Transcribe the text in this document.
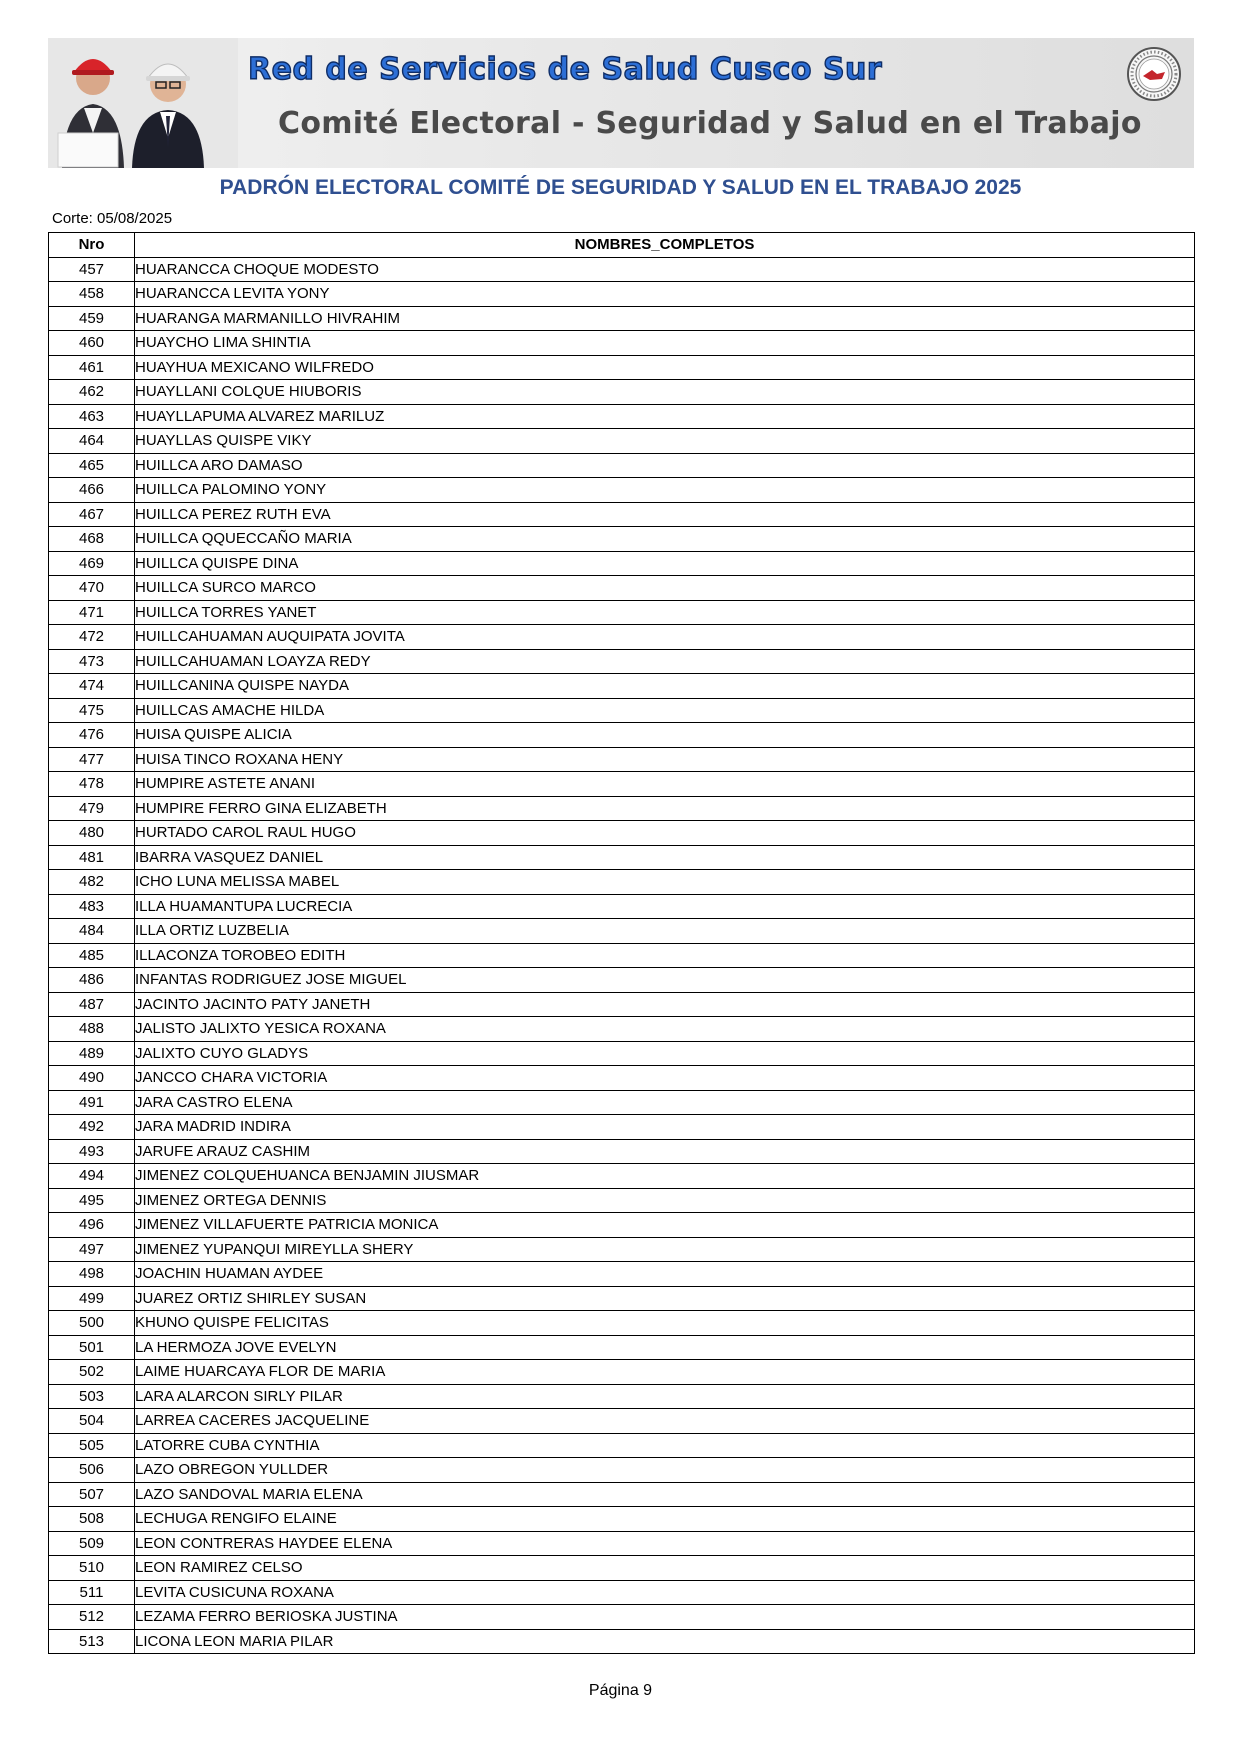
Red de Servicios de Salud Cusco Sur
Comité Electoral - Seguridad y Salud en el Trabajo
PADRÓN ELECTORAL COMITÉ DE SEGURIDAD Y SALUD EN EL TRABAJO 2025
Corte: 05/08/2025
Nro	NOMBRES_COMPLETOS
457	HUARANCCA CHOQUE MODESTO
458	HUARANCCA LEVITA YONY
459	HUARANGA MARMANILLO HIVRAHIM
460	HUAYCHO LIMA SHINTIA
461	HUAYHUA MEXICANO WILFREDO
462	HUAYLLANI COLQUE HIUBORIS
463	HUAYLLAPUMA ALVAREZ MARILUZ
464	HUAYLLAS QUISPE VIKY
465	HUILLCA ARO DAMASO
466	HUILLCA PALOMINO YONY
467	HUILLCA PEREZ RUTH EVA
468	HUILLCA QQUECCAÑO MARIA
469	HUILLCA QUISPE DINA
470	HUILLCA SURCO MARCO
471	HUILLCA TORRES YANET
472	HUILLCAHUAMAN AUQUIPATA JOVITA
473	HUILLCAHUAMAN LOAYZA REDY
474	HUILLCANINA QUISPE NAYDA
475	HUILLCAS AMACHE HILDA
476	HUISA QUISPE ALICIA
477	HUISA TINCO ROXANA HENY
478	HUMPIRE ASTETE ANANI
479	HUMPIRE FERRO GINA ELIZABETH
480	HURTADO CAROL RAUL HUGO
481	IBARRA VASQUEZ DANIEL
482	ICHO LUNA MELISSA MABEL
483	ILLA HUAMANTUPA LUCRECIA
484	ILLA ORTIZ LUZBELIA
485	ILLACONZA TOROBEO EDITH
486	INFANTAS RODRIGUEZ JOSE MIGUEL
487	JACINTO JACINTO PATY JANETH
488	JALISTO JALIXTO YESICA ROXANA
489	JALIXTO CUYO GLADYS
490	JANCCO CHARA VICTORIA
491	JARA CASTRO ELENA
492	JARA MADRID INDIRA
493	JARUFE ARAUZ CASHIM
494	JIMENEZ COLQUEHUANCA BENJAMIN JIUSMAR
495	JIMENEZ ORTEGA DENNIS
496	JIMENEZ VILLAFUERTE PATRICIA MONICA
497	JIMENEZ YUPANQUI MIREYLLA SHERY
498	JOACHIN HUAMAN AYDEE
499	JUAREZ ORTIZ SHIRLEY SUSAN
500	KHUNO QUISPE FELICITAS
501	LA HERMOZA JOVE EVELYN
502	LAIME HUARCAYA FLOR DE MARIA
503	LARA ALARCON SIRLY PILAR
504	LARREA CACERES JACQUELINE
505	LATORRE CUBA CYNTHIA
506	LAZO OBREGON YULLDER
507	LAZO SANDOVAL MARIA ELENA
508	LECHUGA RENGIFO ELAINE
509	LEON CONTRERAS HAYDEE ELENA
510	LEON RAMIREZ CELSO
511	LEVITA CUSICUNA ROXANA
512	LEZAMA FERRO BERIOSKA JUSTINA
513	LICONA LEON MARIA PILAR
Página 9
